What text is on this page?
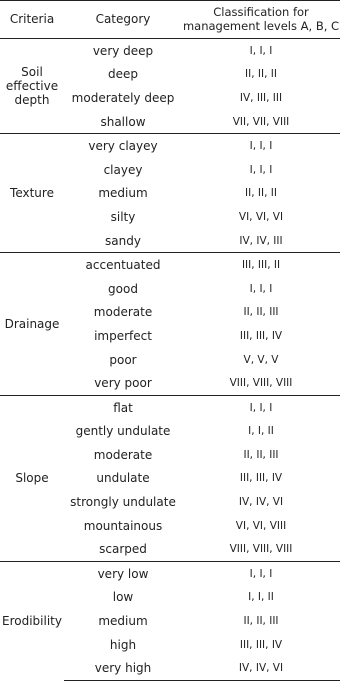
Criteria	Category	Classification for
management levels A, B, C
Soil
effective
depth	very deep	I, I, I
	deep	II, II, II
	moderately deep	IV, III, III
	shallow	VII, VII, VIII
Texture	very clayey	I, I, I
	clayey	I, I, I
	medium	II, II, II
	silty	VI, VI, VI
	sandy	IV, IV, III
Drainage	accentuated	III, III, II
	good	I, I, I
	moderate	II, II, III
	imperfect	III, III, IV
	poor	V, V, V
	very poor	VIII, VIII, VIII
Slope	flat	I, I, I
	gently undulate	I, I, II
	moderate	II, II, III
	undulate	III, III, IV
	strongly undulate	IV, IV, VI
	mountainous	VI, VI, VIII
	scarped	VIII, VIII, VIII
Erodibility	very low	I, I, I
	low	I, I, II
	medium	II, II, III
	high	III, III, IV
	very high	IV, IV, VI
